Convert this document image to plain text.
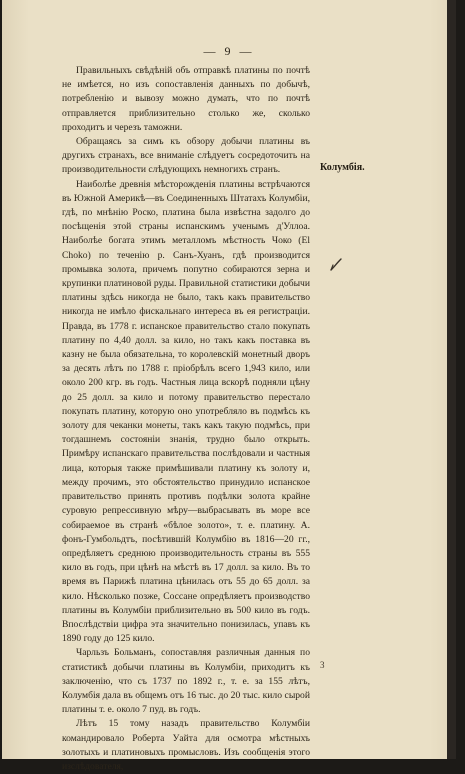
— 9 —

Правильныхъ свѣдѣній объ отправкѣ платины по почтѣ не имѣется, но изъ сопоставленія данныхъ по добычѣ, потребленію и вывозу можно думать, что по почтѣ отправляется приблизительно столько же, сколько проходитъ и черезъ таможни.

Обращаясь за симъ къ обзору добычи платины въ другихъ странахъ, все вниманіе слѣдуетъ сосредоточить на производительности слѣдующихъ немногихъ странъ.

Наиболѣе древнія мѣсторожденія платины встрѣчаются въ Южной Америкѣ—въ Соединенныхъ Штатахъ Колумбіи, гдѣ, по мнѣнію Роско, платина была извѣстна задолго до посѣщенія этой страны испанскимъ ученымъ д'Уллоа. Наиболѣе богата этимъ металломъ мѣстность Чоко (El Choko) по теченію р. Санъ-Хуанъ, гдѣ производится промывка золота, причемъ попутно собираются зерна и крупинки платиновой руды. Правильной статистики добычи платины здѣсь никогда не было, такъ какъ правительство никогда не имѣло фискальнаго интереса въ ея регистраціи. Правда, въ 1778 г. испанское правительство стало покупать платину по 4,40 долл. за кило, но такъ какъ поставка въ казну не была обязательна, то королевскій монетный дворъ за десять лѣтъ по 1788 г. пріобрѣлъ всего 1,943 кило, или около 200 кгр. въ годъ. Частныя лица вскорѣ подняли цѣну до 25 долл. за кило и потому правительство перестало покупать платину, которую оно употребляло въ подмѣсь къ золоту для чеканки монеты, такъ какъ такую подмѣсь, при тогдашнемъ состояніи знанія, трудно было открыть. Примѣру испанскаго правительства послѣдовали и частныя лица, которыя также примѣшивали платину къ золоту и, между прочимъ, это обстоятельство принудило испанское правительство принять противъ подѣлки золота крайне суровую репрессивную мѣру—выбрасывать въ море все собираемое въ странѣ «бѣлое золото», т. е. платину. А. фонъ-Гумбольдтъ, посѣтившій Колумбію въ 1816—20 гг., опредѣляетъ среднюю производительность страны въ 555 кило въ годъ, при цѣнѣ на мѣстѣ въ 17 долл. за кило. Въ то время въ Парижѣ платина цѣнилась отъ 55 до 65 долл. за кило. Нѣсколько позже, Соссане опредѣляетъ производство платины въ Колумбіи приблизительно въ 500 кило въ годъ. Впослѣдствіи цифра эта значительно понизилась, упавъ къ 1890 году до 125 кило.

Чарльзъ Больманъ, сопоставляя различныя данныя по статистикѣ добычи платины въ Колумбіи, приходитъ къ заключенію, что съ 1737 по 1892 г., т. е. за 155 лѣтъ, Колумбія дала въ общемъ отъ 16 тыс. до 20 тыс. кило сырой платины т. е. около 7 пуд. въ годъ.

Лѣтъ 15 тому назадъ правительство Колумбіи командировало Роберта Уайта для осмотра мѣстныхъ золотыхъ и платиновыхъ промысловъ. Изъ сообщенія этого изслѣдователя,

Колумбія.
3
